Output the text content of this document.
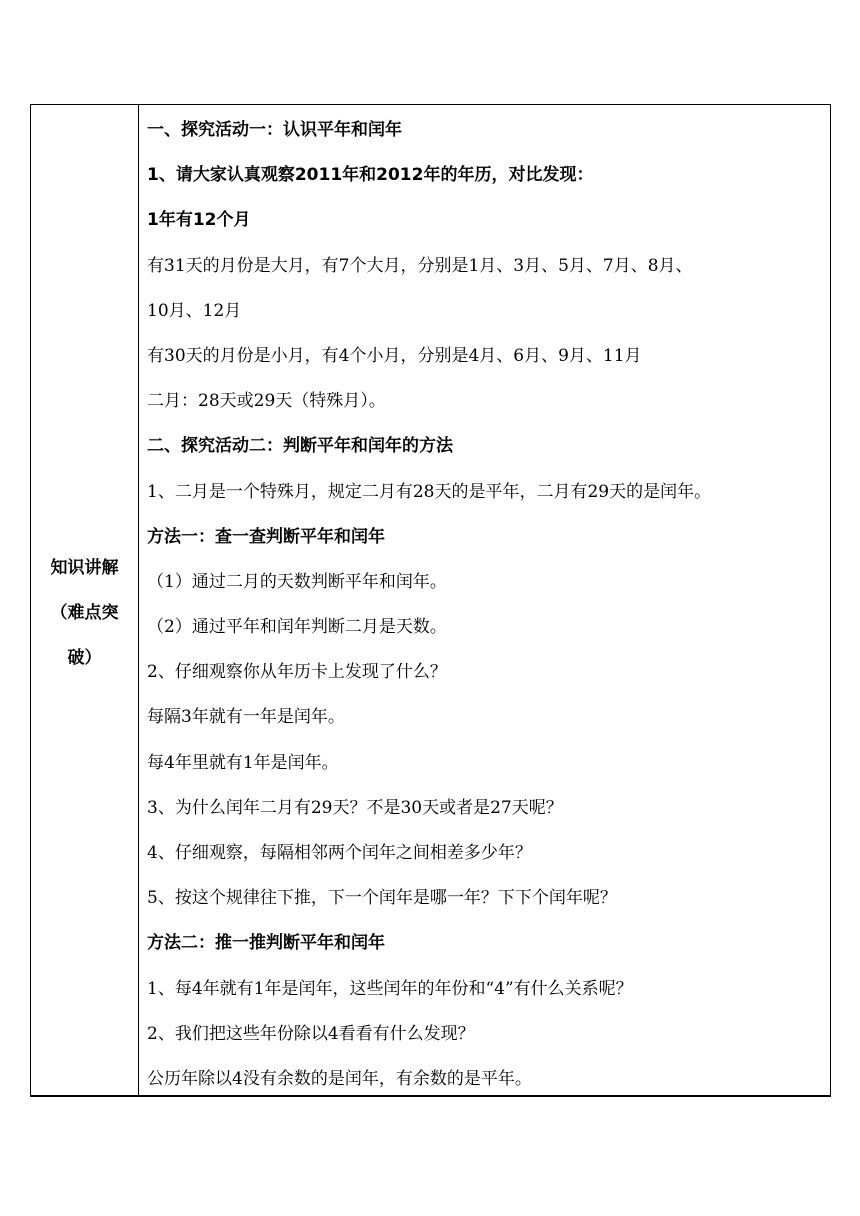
知识讲解
（难点突
破）
一、探究活动一：认识平年和闰年
1、请大家认真观察2011年和2012年的年历，对比发现：
1年有12个月
有31天的月份是大月，有7个大月，分别是1月、3月、5月、7月、8月、
10月、12月
有30天的月份是小月，有4个小月，分别是4月、6月、9月、11月
二月：28天或29天（特殊月）。
二、探究活动二：判断平年和闰年的方法
1、二月是一个特殊月，规定二月有28天的是平年，二月有29天的是闰年。
方法一：查一查判断平年和闰年
（1）通过二月的天数判断平年和闰年。
（2）通过平年和闰年判断二月是天数。
2、仔细观察你从年历卡上发现了什么？
每隔3年就有一年是闰年。
每4年里就有1年是闰年。
3、为什么闰年二月有29天？不是30天或者是27天呢？
4、仔细观察，每隔相邻两个闰年之间相差多少年？
5、按这个规律往下推，下一个闰年是哪一年？下下个闰年呢？
方法二：推一推判断平年和闰年
1、每4年就有1年是闰年，这些闰年的年份和“4”有什么关系呢？
2、我们把这些年份除以4看看有什么发现？
公历年除以4没有余数的是闰年，有余数的是平年。
